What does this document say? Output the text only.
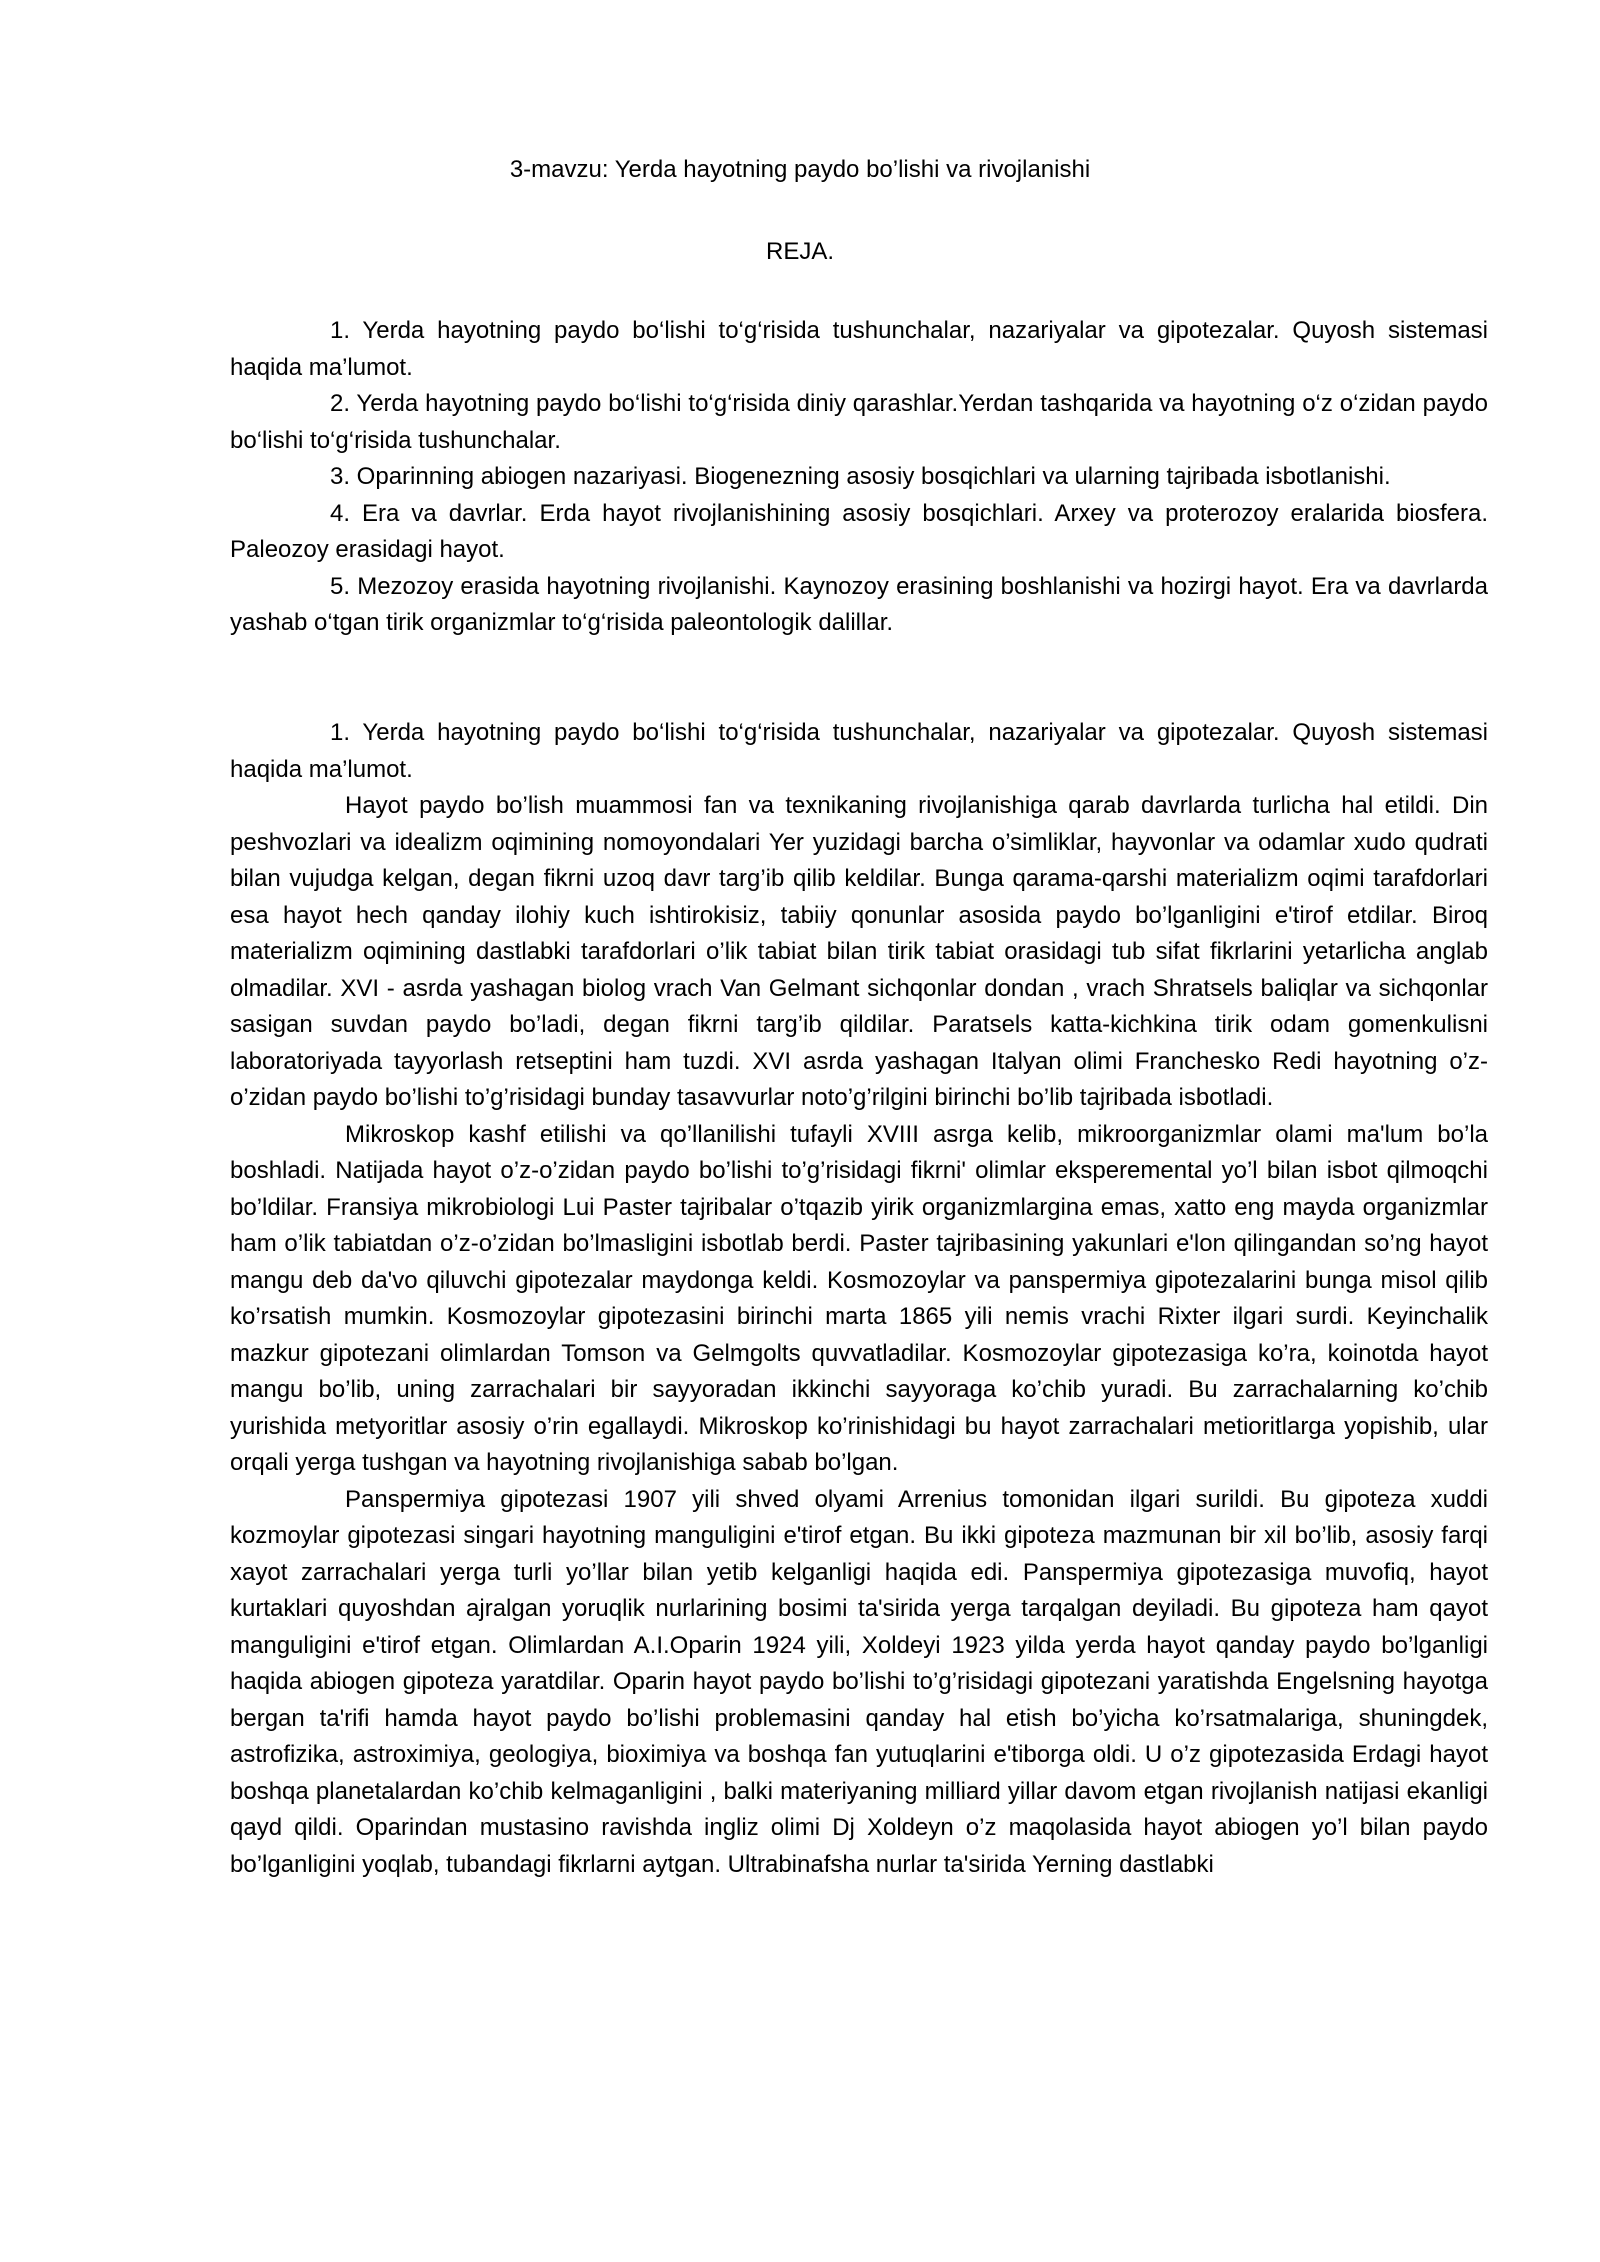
3-mavzu: Yerda hayotning paydo bo’lishi va rivojlanishi
REJA.
1. Yerda hayotning paydo bo‘lishi to‘g‘risida tushunchalar, nazariyalar va gipotezalar. Quyosh sistemasi haqida ma’lumot.
2. Yerda hayotning paydo bo‘lishi to‘g‘risida diniy qarashlar.Yerdan tashqarida va hayotning o‘z o‘zidan paydo bo‘lishi to‘g‘risida tushunchalar.
3. Oparinning abiogen nazariyasi. Biogenezning asosiy bosqichlari va ularning tajribada isbotlanishi.
4. Era va davrlar. Erda hayot rivojlanishining asosiy bosqichlari. Arxey va proterozoy eralarida biosfera. Paleozoy erasidagi hayot.
5. Mezozoy erasida hayotning rivojlanishi. Kaynozoy erasining boshlanishi va hozirgi hayot. Era va davrlarda yashab o‘tgan tirik organizmlar to‘g‘risida paleontologik dalillar.

1. Yerda hayotning paydo bo‘lishi to‘g‘risida tushunchalar, nazariyalar va gipotezalar. Quyosh sistemasi haqida ma’lumot.

Hayot paydo bo’lish muammosi fan va texnikaning rivojlanishiga qarab davrlarda turlicha hal etildi. Din peshvozlari va idealizm oqimining nomoyondalari Yer yuzidagi barcha o’simliklar, hayvonlar va odamlar xudo qudrati bilan vujudga kelgan, degan fikrni uzoq davr targ’ib qilib keldilar. Bunga qarama-qarshi materializm oqimi tarafdorlari esa hayot hech qanday ilohiy kuch ishtirokisiz, tabiiy qonunlar asosida paydo bo’lganligini e'tirof etdilar. Biroq materializm oqimining dastlabki tarafdorlari o’lik tabiat bilan tirik tabiat orasidagi tub sifat fikrlarini yetarlicha anglab olmadilar. XVI - asrda yashagan biolog vrach Van Gelmant sichqonlar dondan , vrach Shratsels baliqlar va sichqonlar sasigan suvdan paydo bo’ladi, degan fikrni targ’ib qildilar. Paratsels katta-kichkina tirik odam gomenkulisni laboratoriyada tayyorlash retseptini ham tuzdi. XVI asrda yashagan Italyan olimi Franchesko Redi hayotning o’z-o’zidan paydo bo’lishi to’g’risidagi bunday tasavvurlar noto’g’rilgini birinchi bo’lib tajribada isbotladi.

Mikroskop kashf etilishi va qo’llanilishi tufayli XVIII asrga kelib, mikroorganizmlar olami ma'lum bo’la boshladi. Natijada hayot o’z-o’zidan paydo bo’lishi to’g’risidagi fikrni' olimlar eksperemental yo’l bilan isbot qilmoqchi bo’ldilar. Fransiya mikrobiologi Lui Paster tajribalar o’tqazib yirik organizmlargina emas, xatto eng mayda organizmlar ham o’lik tabiatdan o’z-o’zidan bo’lmasligini isbotlab berdi. Paster tajribasining yakunlari e'lon qilingandan so’ng hayot mangu deb da'vo qiluvchi gipotezalar maydonga keldi. Kosmozoylar va panspermiya gipotezalarini bunga misol qilib ko’rsatish mumkin. Kosmozoylar gipotezasini birinchi marta 1865 yili nemis vrachi Rixter ilgari surdi. Keyinchalik mazkur gipotezani olimlardan Tomson va Gelmgolts quvvatladilar. Kosmozoylar gipotezasiga ko’ra, koinotda hayot mangu bo’lib, uning zarrachalari bir sayyoradan ikkinchi sayyoraga ko’chib yuradi. Bu zarrachalarning ko’chib yurishida metyoritlar asosiy o’rin egallaydi. Mikroskop ko’rinishidagi bu hayot zarrachalari metioritlarga yopishib, ular orqali yerga tushgan va hayotning rivojlanishiga sabab bo’lgan.

Panspermiya gipotezasi 1907 yili shved olyami Arrenius tomonidan ilgari surildi. Bu gipoteza xuddi kozmoylar gipotezasi singari hayotning manguligini e'tirof etgan. Bu ikki gipoteza mazmunan bir xil bo’lib, asosiy farqi xayot zarrachalari yerga turli yo’llar bilan yetib kelganligi haqida edi. Panspermiya gipotezasiga muvofiq, hayot kurtaklari quyoshdan ajralgan yoruqlik nurlarining bosimi ta'sirida yerga tarqalgan deyiladi. Bu gipoteza ham qayot manguligini e'tirof etgan. Olimlardan A.I.Oparin 1924 yili, Xoldeyi 1923 yilda yerda hayot qanday paydo bo’lganligi haqida abiogen gipoteza yaratdilar. Oparin hayot paydo bo’lishi to’g’risidagi gipotezani yaratishda Engelsning hayotga bergan ta'rifi hamda hayot paydo bo’lishi problemasini qanday hal etish bo’yicha ko’rsatmalariga, shuningdek, astrofizika, astroximiya, geologiya, bioximiya va boshqa fan yutuqlarini e'tiborga oldi. U o’z gipotezasida Erdagi hayot boshqa planetalardan ko’chib kelmaganligini , balki materiyaning milliard yillar davom etgan rivojlanish natijasi ekanligi qayd qildi. Oparindan mustasino ravishda ingliz olimi Dj Xoldeyn o’z maqolasida hayot abiogen yo’l bilan paydo bo’lganligini yoqlab, tubandagi fikrlarni aytgan. Ultrabinafsha nurlar ta'sirida Yerning dastlabki
